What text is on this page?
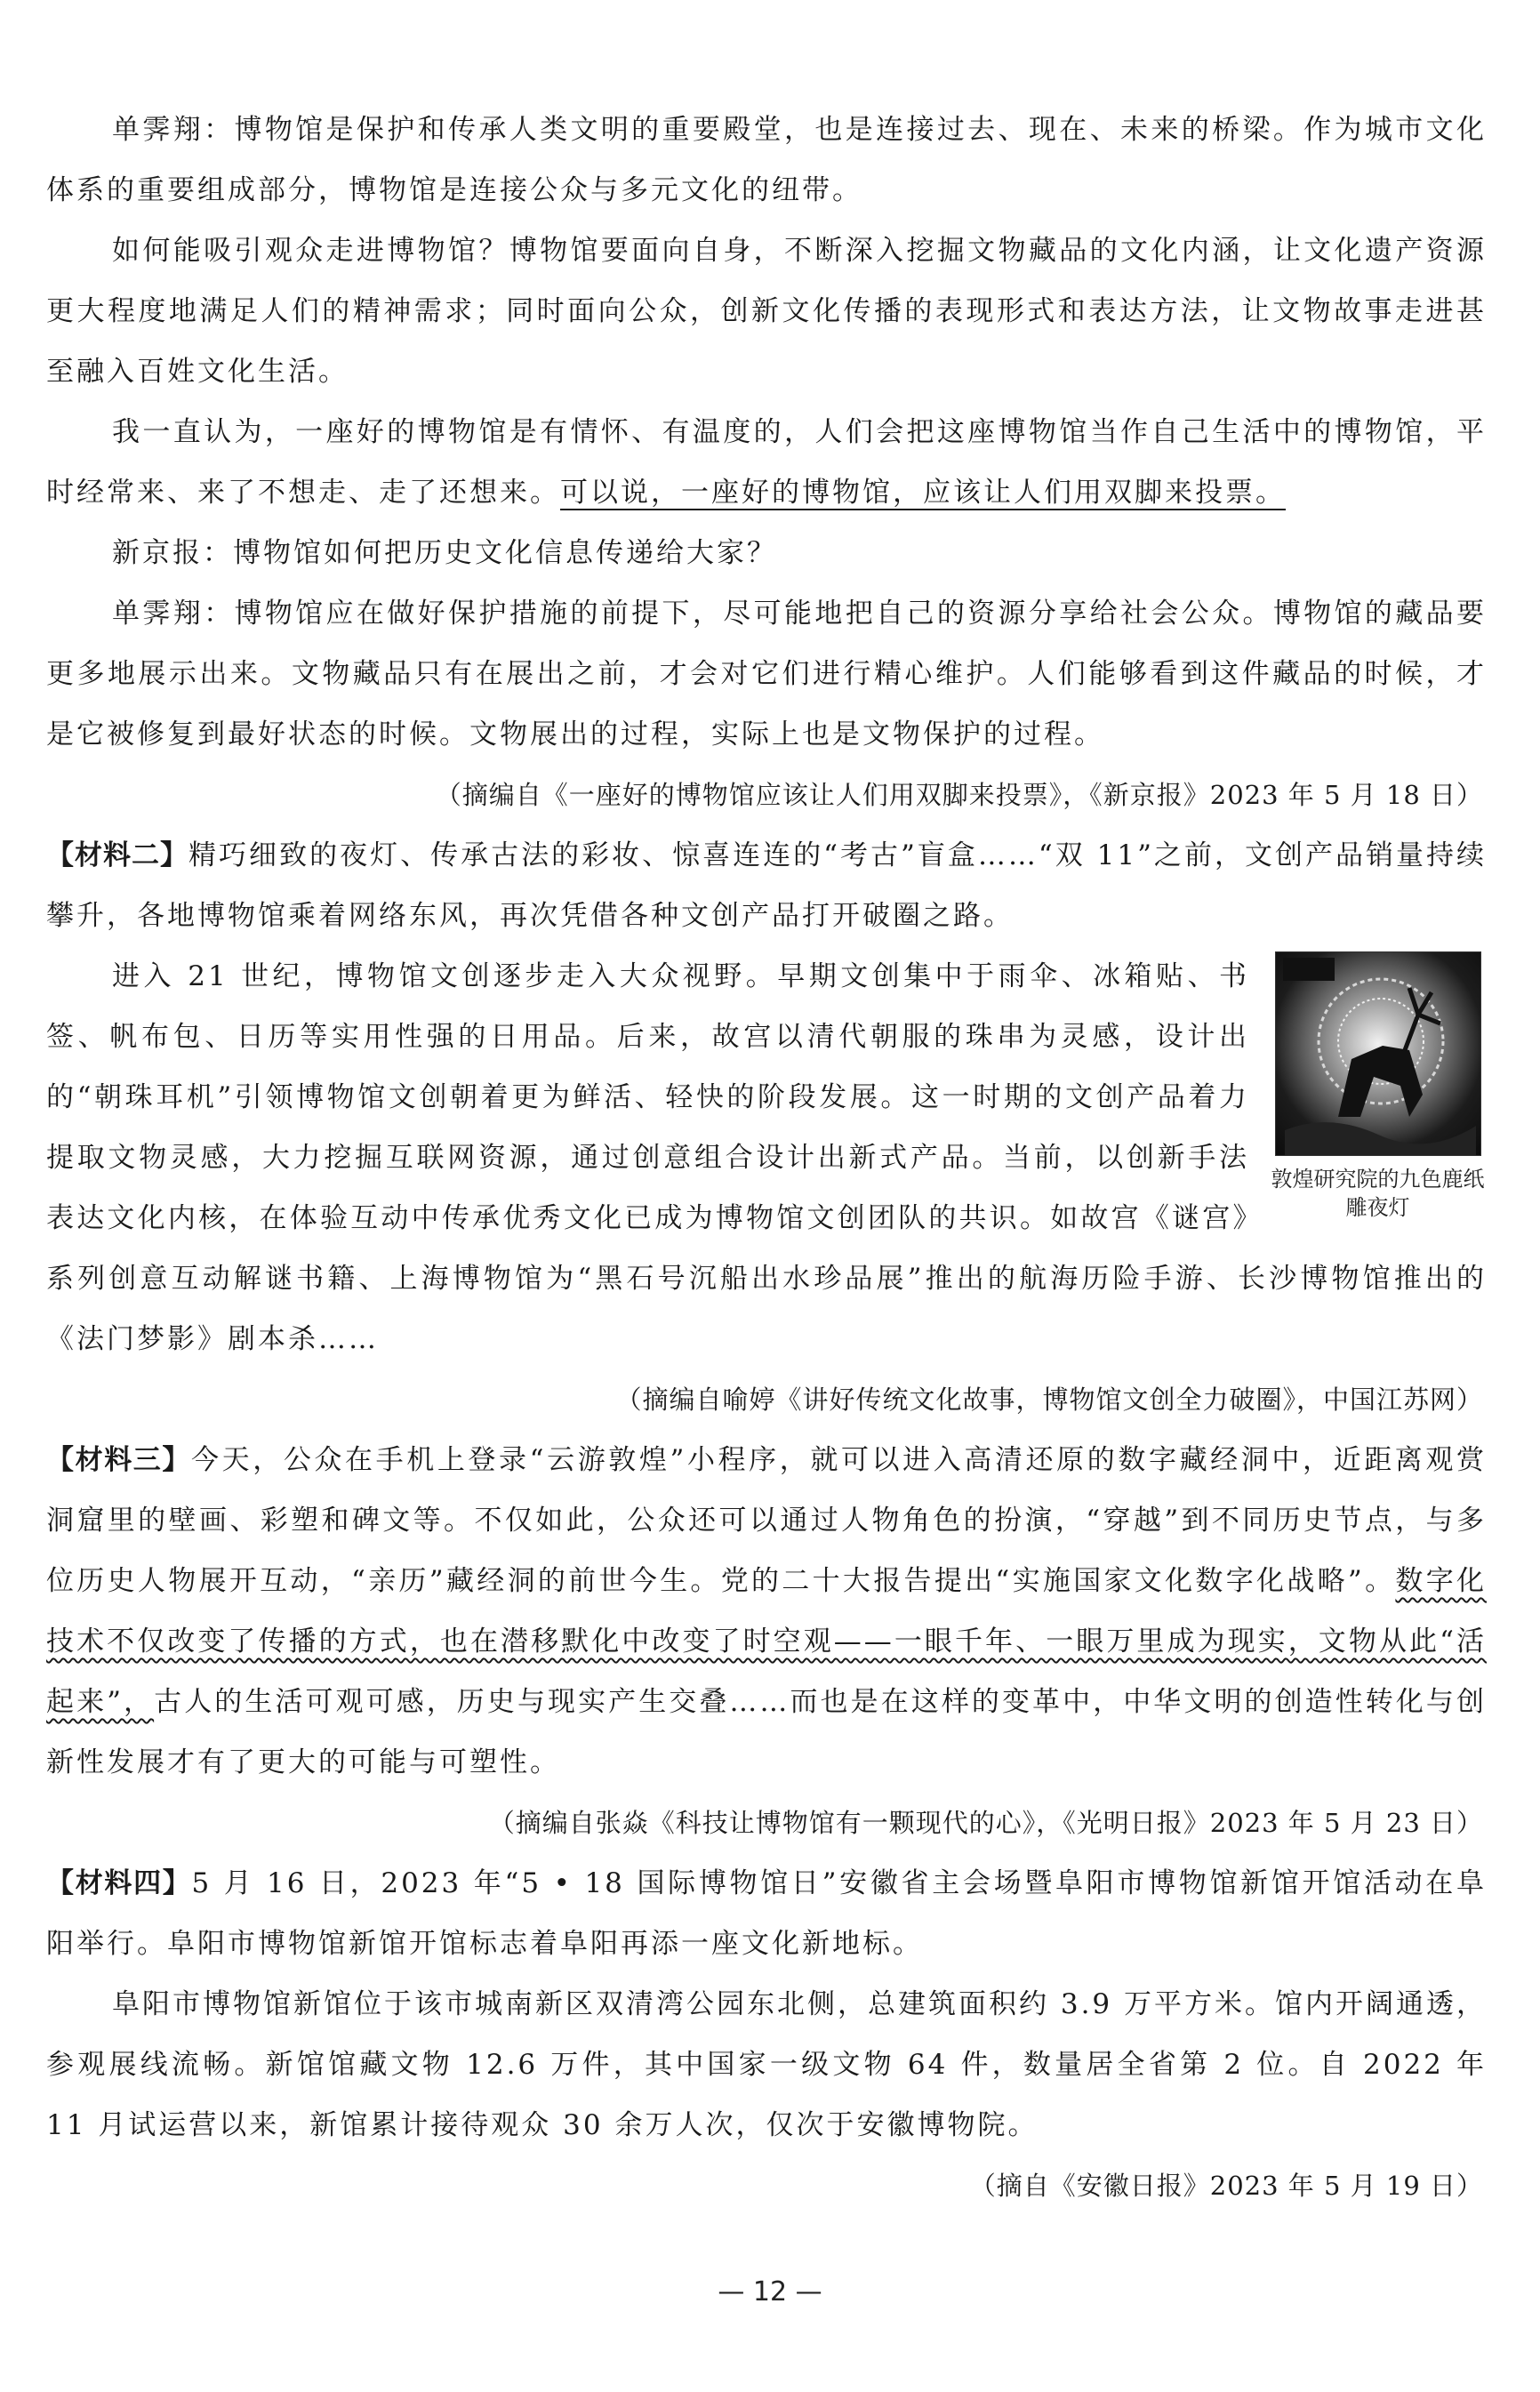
单霁翔：博物馆是保护和传承人类文明的重要殿堂，也是连接过去、现在、未来的桥梁。作为城市文化体系的重要组成部分，博物馆是连接公众与多元文化的纽带。

如何能吸引观众走进博物馆？博物馆要面向自身，不断深入挖掘文物藏品的文化内涵，让文化遗产资源更大程度地满足人们的精神需求；同时面向公众，创新文化传播的表现形式和表达方法，让文物故事走进甚至融入百姓文化生活。

我一直认为，一座好的博物馆是有情怀、有温度的，人们会把这座博物馆当作自己生活中的博物馆，平时经常来、来了不想走、走了还想来。可以说，一座好的博物馆，应该让人们用双脚来投票。

新京报：博物馆如何把历史文化信息传递给大家？

单霁翔：博物馆应在做好保护措施的前提下，尽可能地把自己的资源分享给社会公众。博物馆的藏品要更多地展示出来。文物藏品只有在展出之前，才会对它们进行精心维护。人们能够看到这件藏品的时候，才是它被修复到最好状态的时候。文物展出的过程，实际上也是文物保护的过程。

（摘编自《一座好的博物馆应该让人们用双脚来投票》，《新京报》2023 年 5 月 18 日）

【材料二】精巧细致的夜灯、传承古法的彩妆、惊喜连连的“考古”盲盒……“双 11”之前，文创产品销量持续攀升，各地博物馆乘着网络东风，再次凭借各种文创产品打开破圈之路。

敦煌研究院的九色鹿纸雕夜灯
进入 21 世纪，博物馆文创逐步走入大众视野。早期文创集中于雨伞、冰箱贴、书签、帆布包、日历等实用性强的日用品。后来，故宫以清代朝服的珠串为灵感，设计出的“朝珠耳机”引领博物馆文创朝着更为鲜活、轻快的阶段发展。这一时期的文创产品着力提取文物灵感，大力挖掘互联网资源，通过创意组合设计出新式产品。当前，以创新手法表达文化内核，在体验互动中传承优秀文化已成为博物馆文创团队的共识。如故宫《谜宫》系列创意互动解谜书籍、上海博物馆为“黑石号沉船出水珍品展”推出的航海历险手游、长沙博物馆推出的《法门梦影》剧本杀……

（摘编自喻婷《讲好传统文化故事，博物馆文创全力破圈》，中国江苏网）

【材料三】今天，公众在手机上登录“云游敦煌”小程序，就可以进入高清还原的数字藏经洞中，近距离观赏洞窟里的壁画、彩塑和碑文等。不仅如此，公众还可以通过人物角色的扮演，“穿越”到不同历史节点，与多位历史人物展开互动，“亲历”藏经洞的前世今生。党的二十大报告提出“实施国家文化数字化战略”。数字化技术不仅改变了传播的方式，也在潜移默化中改变了时空观——一眼千年、一眼万里成为现实，文物从此“活起来”，古人的生活可观可感，历史与现实产生交叠……而也是在这样的变革中，中华文明的创造性转化与创新性发展才有了更大的可能与可塑性。

（摘编自张焱《科技让博物馆有一颗现代的心》，《光明日报》2023 年 5 月 23 日）

【材料四】5 月 16 日，2023 年“5 • 18 国际博物馆日”安徽省主会场暨阜阳市博物馆新馆开馆活动在阜阳举行。阜阳市博物馆新馆开馆标志着阜阳再添一座文化新地标。

阜阳市博物馆新馆位于该市城南新区双清湾公园东北侧，总建筑面积约 3.9 万平方米。馆内开阔通透，参观展线流畅。新馆馆藏文物 12.6 万件，其中国家一级文物 64 件，数量居全省第 2 位。自 2022 年 11 月试运营以来，新馆累计接待观众 30 余万人次，仅次于安徽博物院。

（摘自《安徽日报》2023 年 5 月 19 日）

— 12 —
